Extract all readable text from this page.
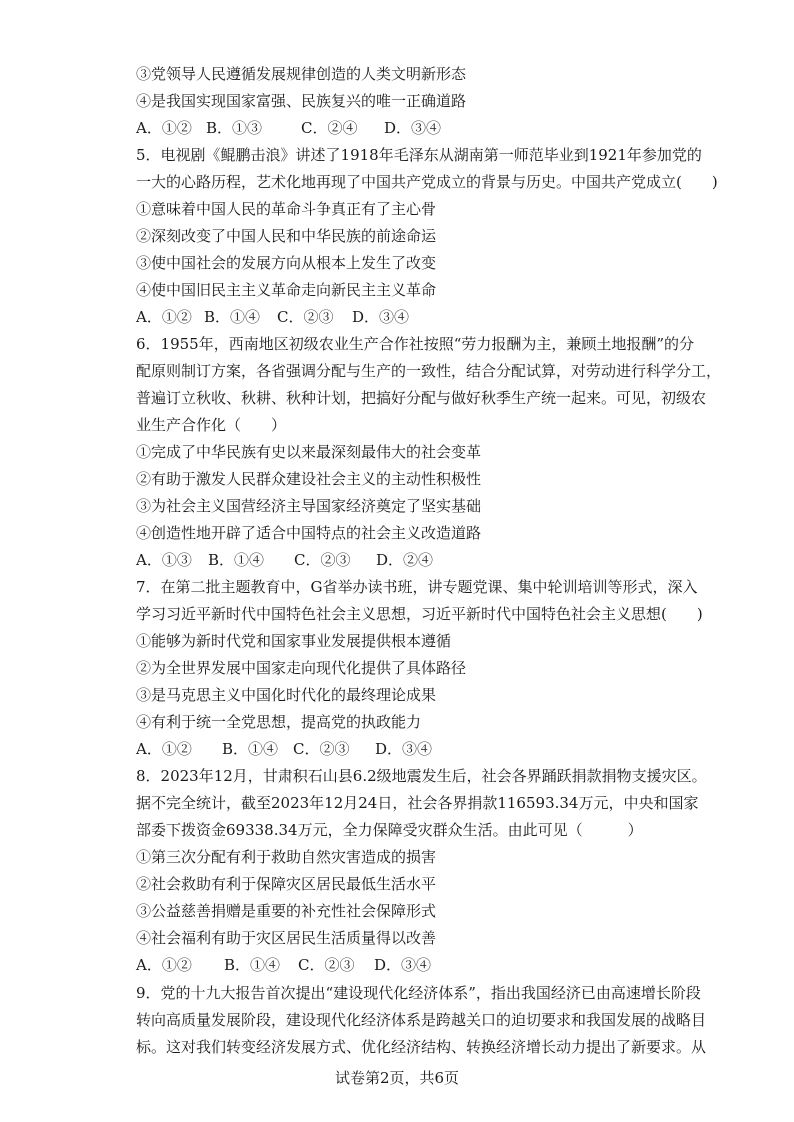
③党领导人民遵循发展规律创造的人类文明新形态
④是我国实现国家富强、民族复兴的唯一正确道路
A．①② B．①③	C．②④ D．③④
5．电视剧《鲲鹏击浪》讲述了1918年毛泽东从湖南第一师范毕业到1921年参加党的
一大的心路历程，艺术化地再现了中国共产党成立的背景与历史。中国共产党成立(　　)
①意味着中国人民的革命斗争真正有了主心骨
②深刻改变了中国人民和中华民族的前途命运
③使中国社会的发展方向从根本上发生了改变
④使中国旧民主主义革命走向新民主主义革命
A．①② B．①④ C．②③ D．③④
6．1955年，西南地区初级农业生产合作社按照“劳力报酬为主，兼顾土地报酬”的分
配原则制订方案，各省强调分配与生产的一致性，结合分配试算，对劳动进行科学分工，
普遍订立秋收、秋耕、秋种计划，把搞好分配与做好秋季生产统一起来。可见，初级农
业生产合作化（　　）
①完成了中华民族有史以来最深刻最伟大的社会变革
②有助于激发人民群众建设社会主义的主动性积极性
③为社会主义国营经济主导国家经济奠定了坚实基础
④创造性地开辟了适合中国特点的社会主义改造道路
A．①③ B．①④ C．②③ D．②④
7．在第二批主题教育中，G省举办读书班，讲专题党课、集中轮训培训等形式，深入
学习习近平新时代中国特色社会主义思想，习近平新时代中国特色社会主义思想(　　)
①能够为新时代党和国家事业发展提供根本遵循
②为全世界发展中国家走向现代化提供了具体路径
③是马克思主义中国化时代化的最终理论成果
④有利于统一全党思想，提高党的执政能力
A．①② B．①④ C．②③ D．③④
8．2023年12月，甘肃积石山县6.2级地震发生后，社会各界踊跃捐款捐物支援灾区。
据不完全统计，截至2023年12月24日，社会各界捐款116593.34万元，中央和国家
部委下拨资金69338.34万元，全力保障受灾群众生活。由此可见（　　　）
①第三次分配有利于救助自然灾害造成的损害
②社会救助有利于保障灾区居民最低生活水平
③公益慈善捐赠是重要的补充性社会保障形式
④社会福利有助于灾区居民生活质量得以改善
A．①② B．①④ C．②③ D．③④
9．党的十九大报告首次提出“建设现代化经济体系”，指出我国经济已由高速增长阶段
转向高质量发展阶段，建设现代化经济体系是跨越关口的迫切要求和我国发展的战略目
标。这对我们转变经济发展方式、优化经济结构、转换经济增长动力提出了新要求。从
试卷第2页，共6页
